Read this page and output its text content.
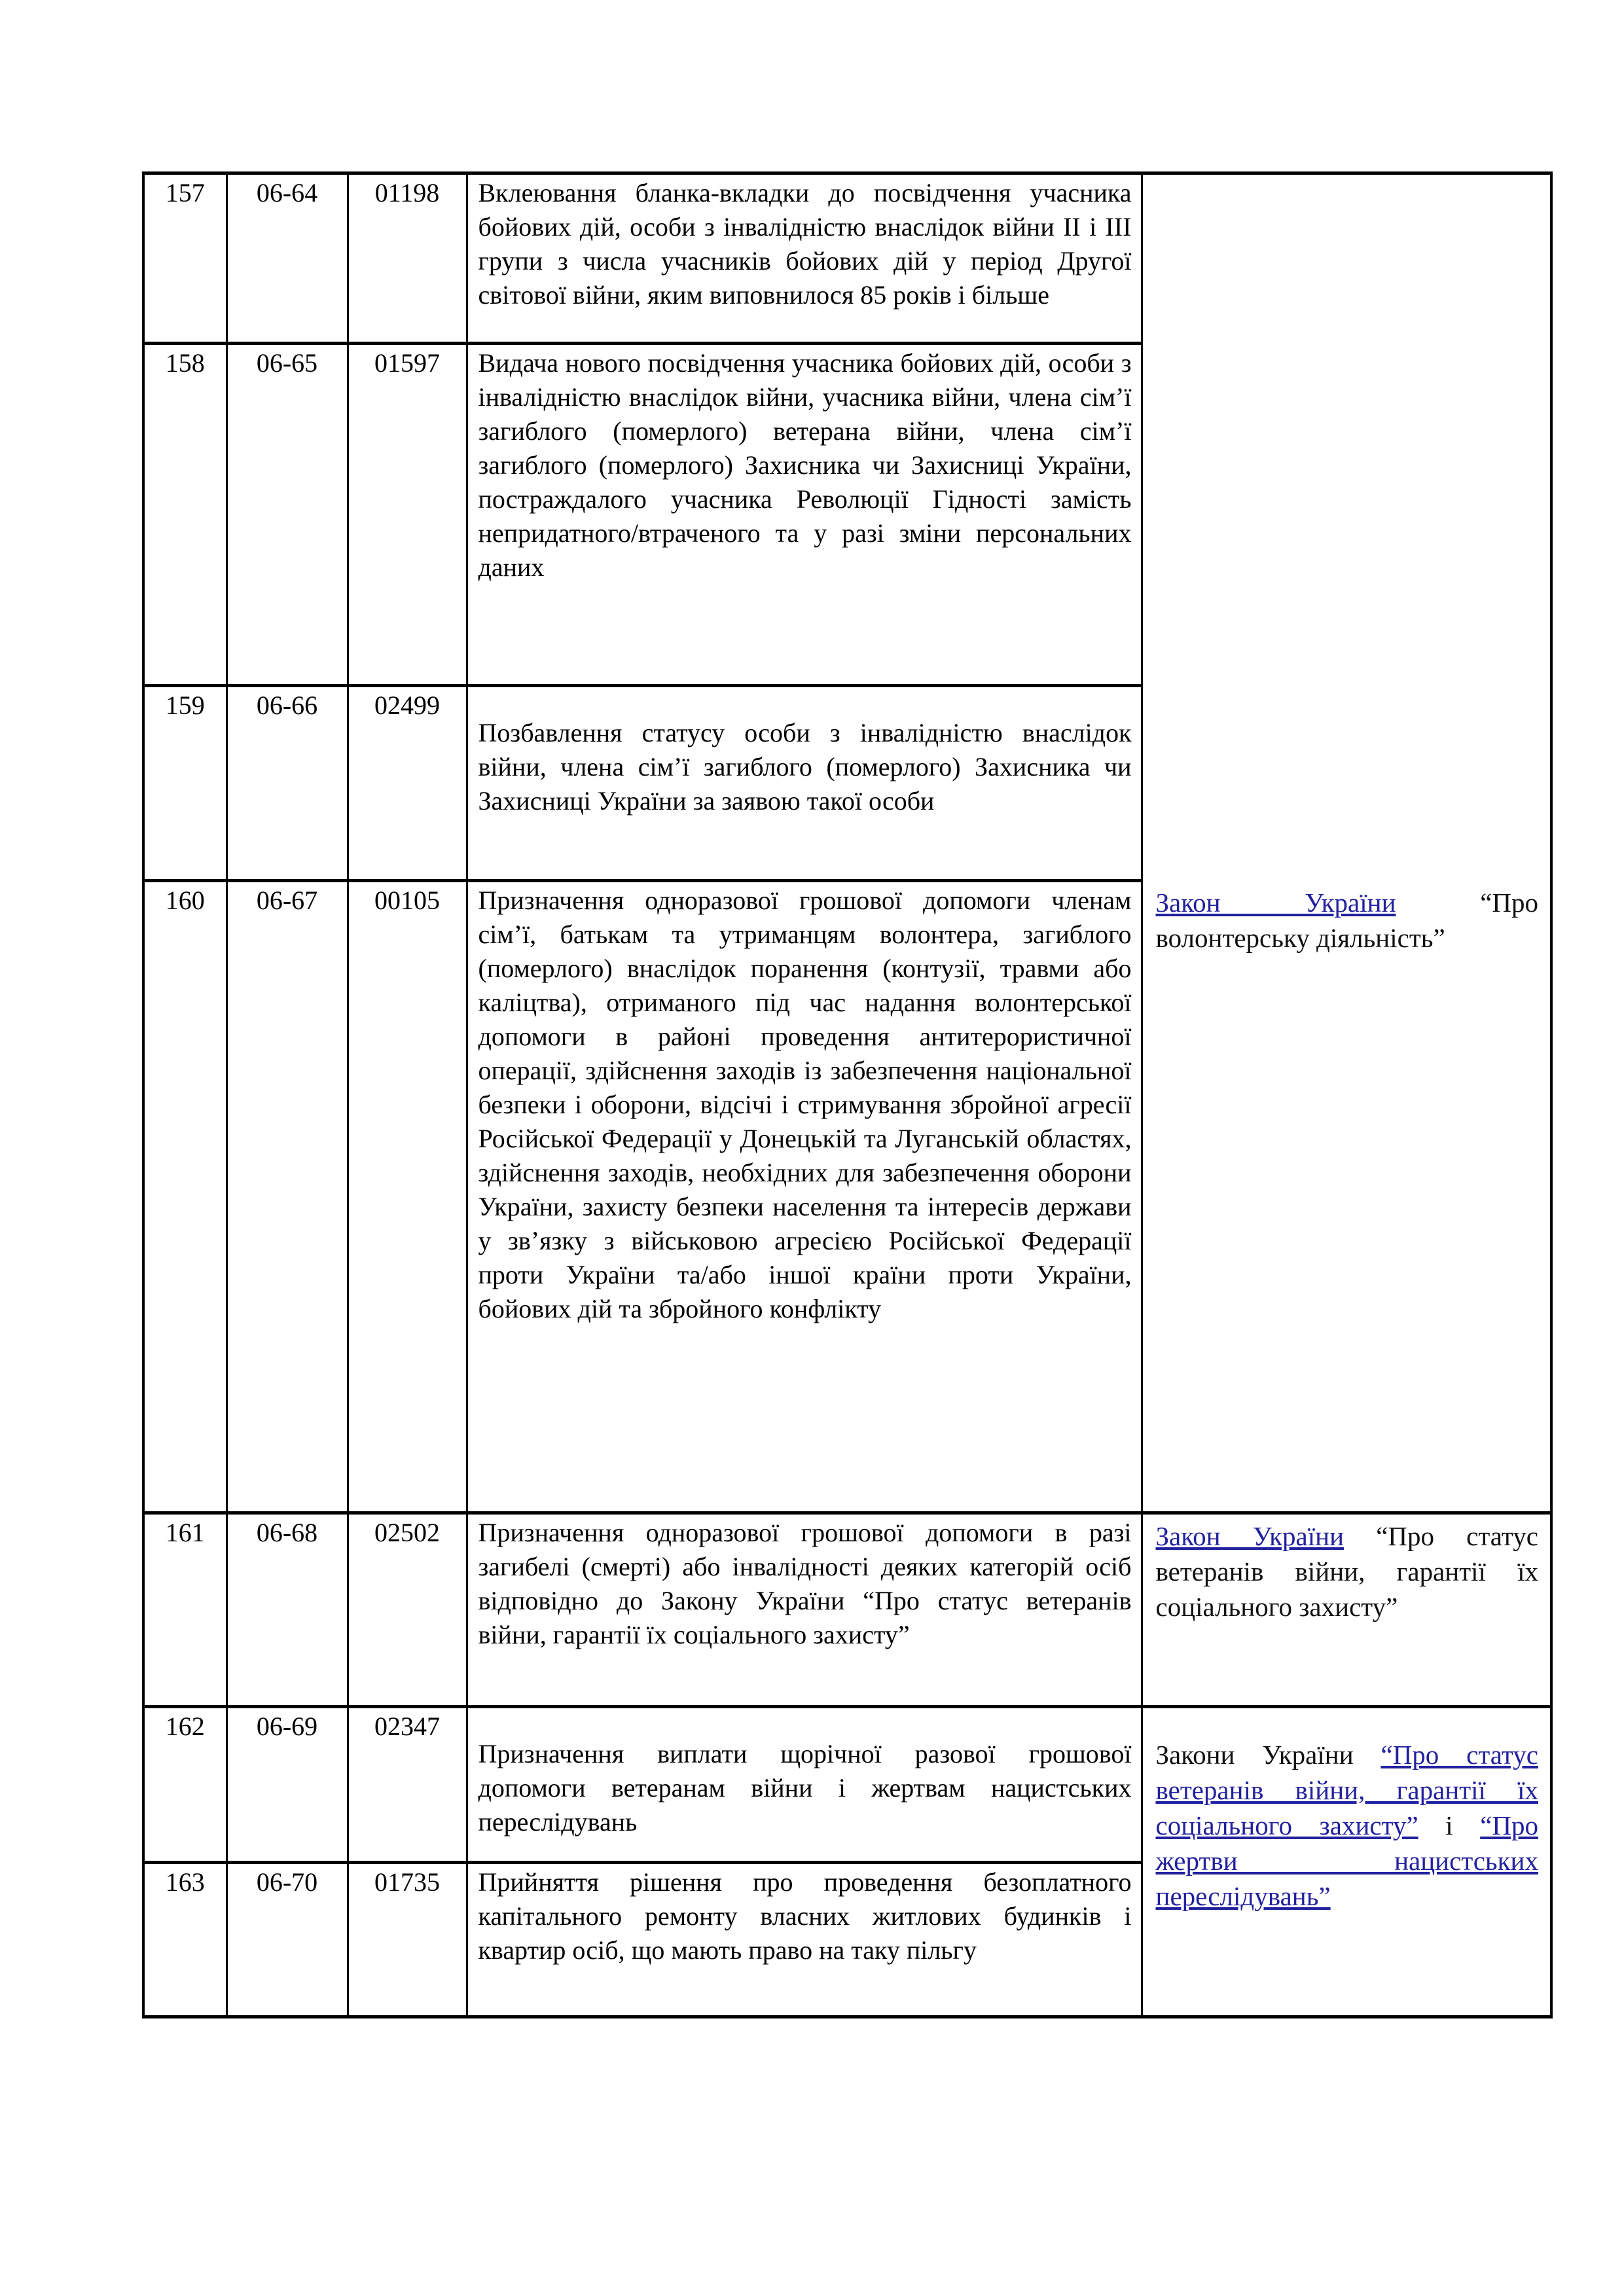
157	06-64	01198	Вклеювання бланка-вкладки до посвідчення учасника бойових дій, особи з інвалідністю внаслідок війни ІІ і ІІІ групи з числа учасників бойових дій у період Другої світової війни, яким виповнилося 85 років і більше	Закон України “Про волонтерську діяльність”
158	06-65	01597	Видача нового посвідчення учасника бойових дій, особи з інвалідністю внаслідок війни, учасника війни, члена сім’ї загиблого (померлого) ветерана війни, члена сім’ї загиблого (померлого) Захисника чи Захисниці України, постраждалого учасника Революції Гідності замість непридатного/втраченого та у разі зміни персональних даних	
159	06-66	02499	Позбавлення статусу особи з інвалідністю внаслідок війни, члена сім’ї загиблого (померлого) Захисника чи Захисниці України за заявою такої особи	
160	06-67	00105	Призначення одноразової грошової допомоги членам сім’ї, батькам та утриманцям волонтера, загиблого (померлого) внаслідок поранення (контузії, травми або каліцтва), отриманого під час надання волонтерської допомоги в районі проведення антитерористичної операції, здійснення заходів із забезпечення національної безпеки і оборони, відсічі і стримування збройної агресії Російської Федерації у Донецькій та Луганській областях, здійснення заходів, необхідних для забезпечення оборони України, захисту безпеки населення та інтересів держави у зв’язку з військовою агресією Російської Федерації проти України та/або іншої країни проти України, бойових дій та збройного конфлікту	
161	06-68	02502	Призначення одноразової грошової допомоги в разі загибелі (смерті) або інвалідності деяких категорій осіб відповідно до Закону України “Про статус ветеранів війни, гарантії їх соціального захисту”	Закон України “Про статус ветеранів війни, гарантії їх соціального захисту”
162	06-69	02347	Призначення виплати щорічної разової грошової допомоги ветеранам війни і жертвам нацистських переслідувань	Закони України “Про статус ветеранів війни, гарантії їх соціального захисту” і “Про жертви нацистських переслідувань”
163	06-70	01735	Прийняття рішення про проведення безоплатного капітального ремонту власних житлових будинків і квартир осіб, що мають право на таку пільгу	
